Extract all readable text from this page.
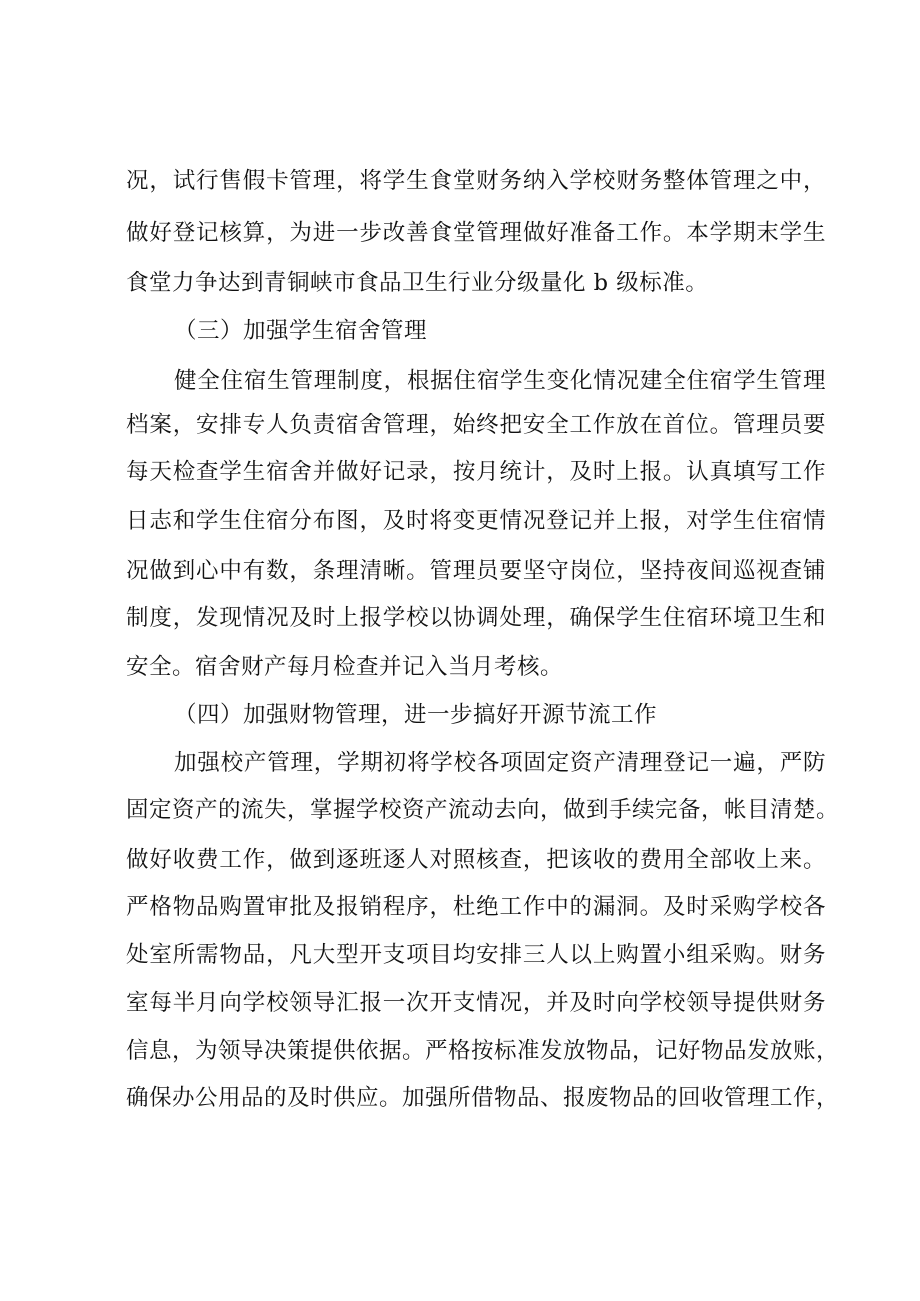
况，试行售假卡管理，将学生食堂财务纳入学校财务整体管理之中，
做好登记核算，为进一步改善食堂管理做好准备工作。本学期末学生
食堂力争达到青铜峡市食品卫生行业分级量化 b 级标准。
（三）加强学生宿舍管理
健全住宿生管理制度，根据住宿学生变化情况建全住宿学生管理
档案，安排专人负责宿舍管理，始终把安全工作放在首位。管理员要
每天检查学生宿舍并做好记录，按月统计，及时上报。认真填写工作
日志和学生住宿分布图，及时将变更情况登记并上报，对学生住宿情
况做到心中有数，条理清晰。管理员要坚守岗位，坚持夜间巡视查铺
制度，发现情况及时上报学校以协调处理，确保学生住宿环境卫生和
安全。宿舍财产每月检查并记入当月考核。
（四）加强财物管理，进一步搞好开源节流工作
加强校产管理，学期初将学校各项固定资产清理登记一遍，严防
固定资产的流失，掌握学校资产流动去向，做到手续完备，帐目清楚。
做好收费工作，做到逐班逐人对照核查，把该收的费用全部收上来。
严格物品购置审批及报销程序，杜绝工作中的漏洞。及时采购学校各
处室所需物品，凡大型开支项目均安排三人以上购置小组采购。财务
室每半月向学校领导汇报一次开支情况，并及时向学校领导提供财务
信息，为领导决策提供依据。严格按标准发放物品，记好物品发放账，
确保办公用品的及时供应。加强所借物品、报废物品的回收管理工作，
